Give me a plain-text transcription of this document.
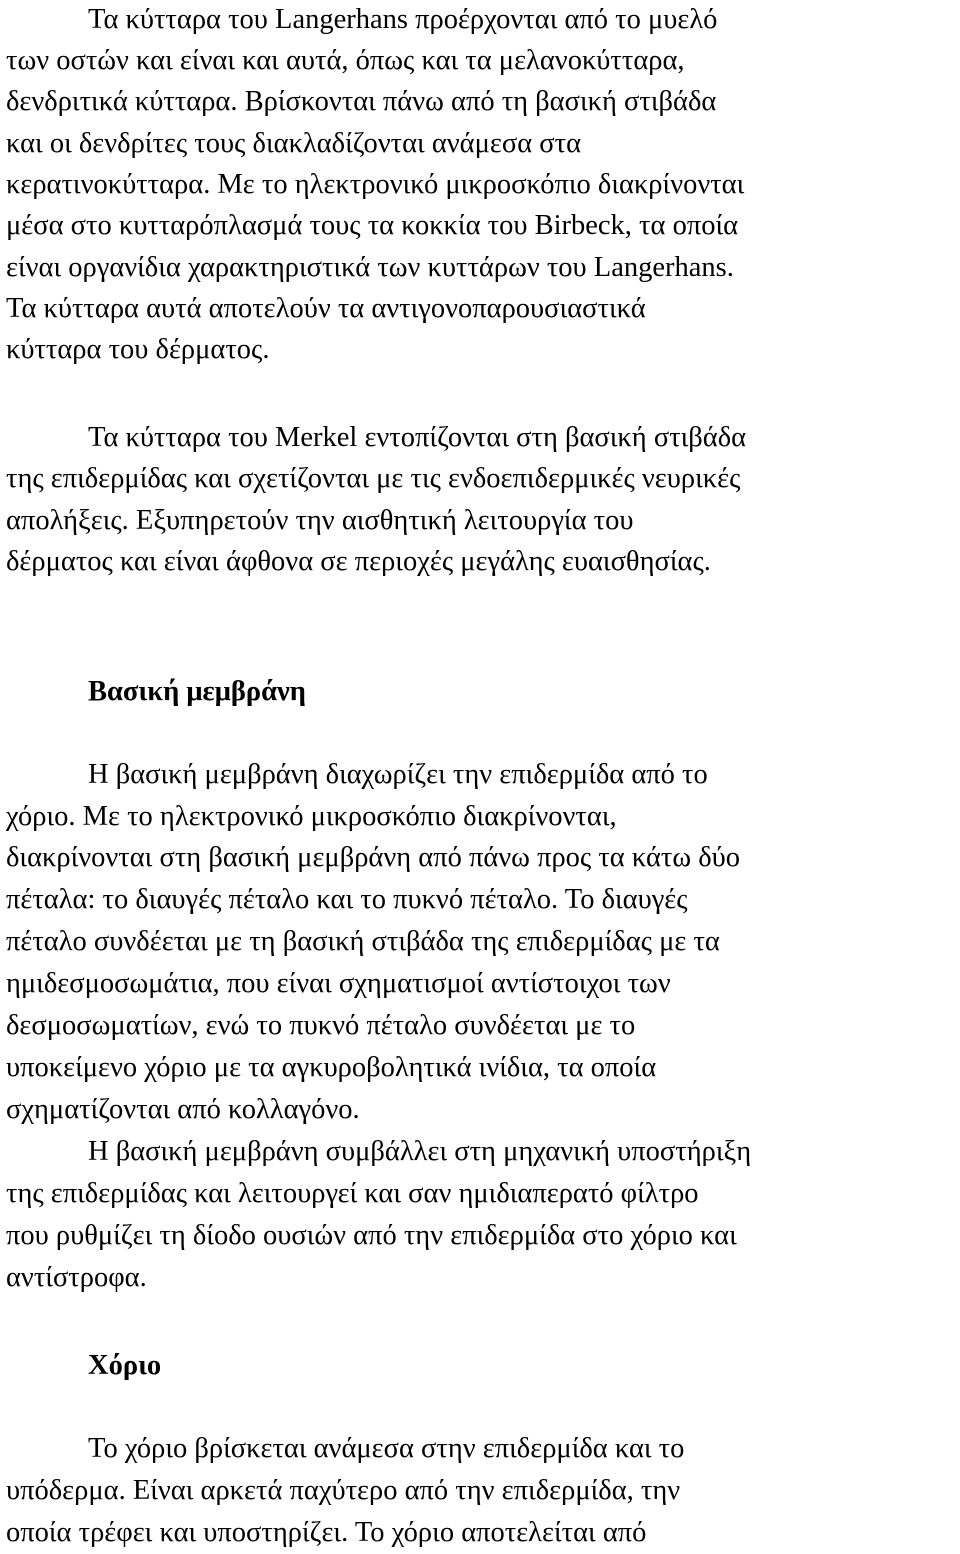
Τα κύτταρα του Langerhans προέρχονται από το μυελό
των οστών και είναι και αυτά, όπως και τα μελανοκύτταρα,
δενδριτικά κύτταρα. Βρίσκονται πάνω από τη βασική στιβάδα
και οι δενδρίτες τους διακλαδίζονται ανάμεσα στα
κερατινοκύτταρα. Με το ηλεκτρονικό μικροσκόπιο διακρίνονται
μέσα στο κυτταρόπλασμά τους τα κοκκία του Birbeck, τα οποία
είναι οργανίδια χαρακτηριστικά των κυττάρων του Langerhans.
Τα κύτταρα αυτά αποτελούν τα αντιγονοπαρουσιαστικά
κύτταρα του δέρματος.
Τα κύτταρα του Merkel εντοπίζονται στη βασική στιβάδα
της επιδερμίδας και σχετίζονται με τις ενδοεπιδερμικές νευρικές
απολήξεις. Εξυπηρετούν την αισθητική λειτουργία του
δέρματος και είναι άφθονα σε περιοχές μεγάλης ευαισθησίας.
Βασική μεμβράνη
Η βασική μεμβράνη διαχωρίζει την επιδερμίδα από το
χόριο. Με το ηλεκτρονικό μικροσκόπιο διακρίνονται,
διακρίνονται στη βασική μεμβράνη από πάνω προς τα κάτω δύο
πέταλα: το διαυγές πέταλο και το πυκνό πέταλο. Το διαυγές
πέταλο συνδέεται με τη βασική στιβάδα της επιδερμίδας με τα
ημιδεσμοσωμάτια, που είναι σχηματισμοί αντίστοιχοι των
δεσμοσωματίων, ενώ το πυκνό πέταλο συνδέεται με το
υποκείμενο χόριο με τα αγκυροβολητικά ινίδια, τα οποία
σχηματίζονται από κολλαγόνο.
Η βασική μεμβράνη συμβάλλει στη μηχανική υποστήριξη
της επιδερμίδας και λειτουργεί και σαν ημιδιαπερατό φίλτρο
που ρυθμίζει τη δίοδο ουσιών από την επιδερμίδα στο χόριο και
αντίστροφα.
Χόριο
Το χόριο βρίσκεται ανάμεσα στην επιδερμίδα και το
υπόδερμα. Είναι αρκετά παχύτερο από την επιδερμίδα, την
οποία τρέφει και υποστηρίζει. Το χόριο αποτελείται από
